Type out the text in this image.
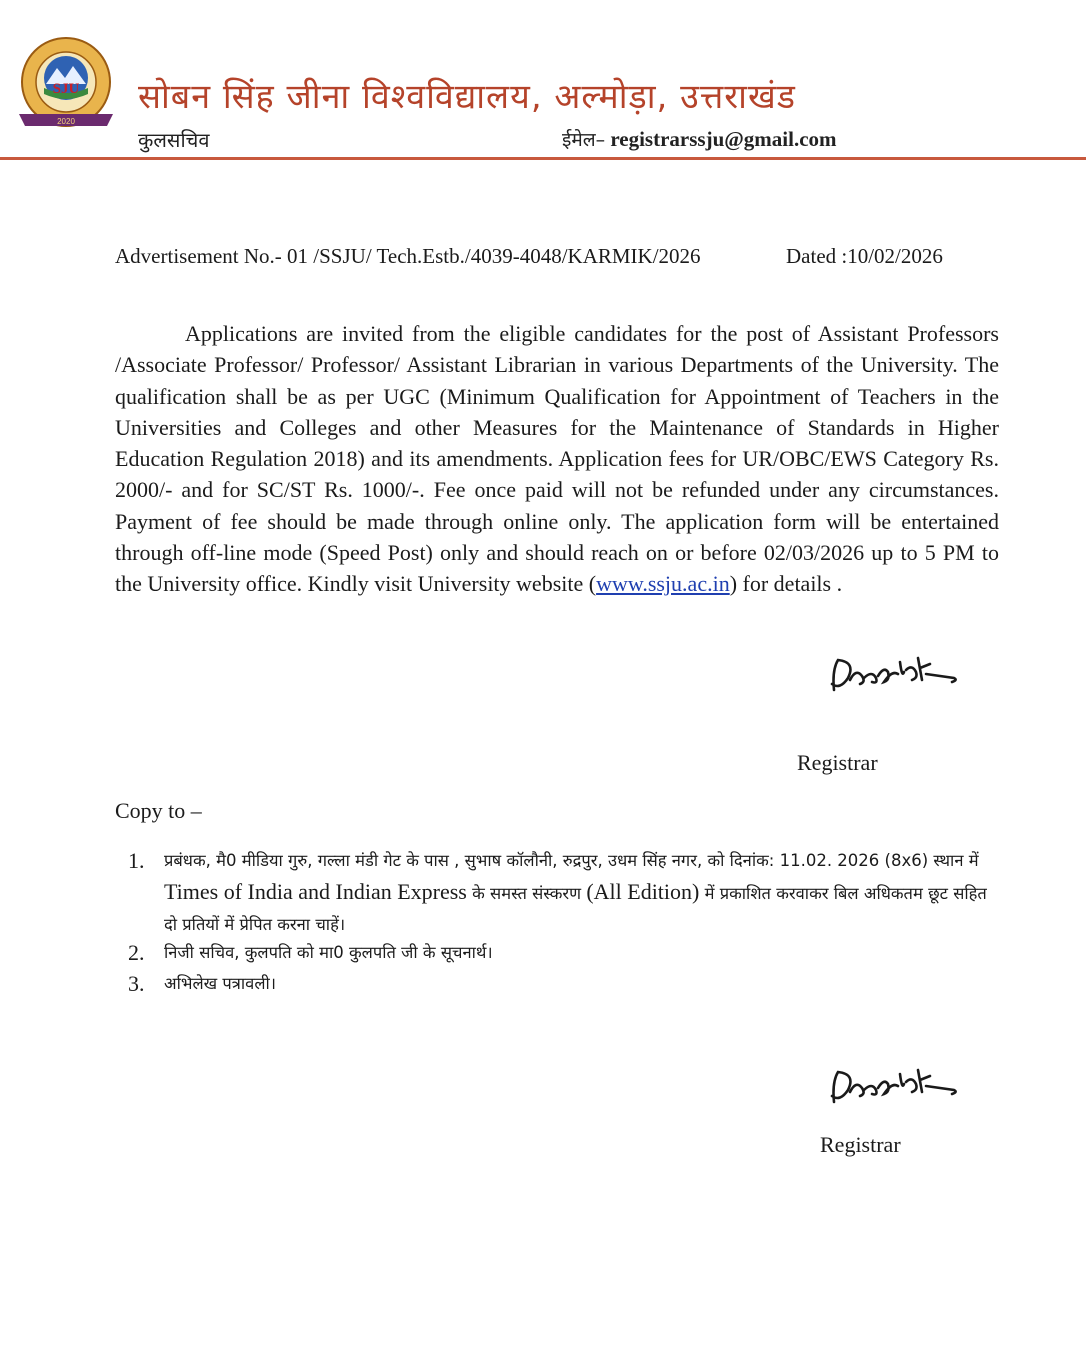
SJU
2020
सोबन सिंह जीना विश्वविद्यालय, अल्मोड़ा, उत्तराखंड
कुलसचिव	ईमेल– registrarssju@gmail.com
Advertisement No.- 01 /SSJU/ Tech.Estb./4039-4048/KARMIK/2026	Dated :10/02/2026

Applications are invited from the eligible candidates for the post of Assistant Professors /Associate Professor/ Professor/ Assistant Librarian in various Departments of the University. The qualification shall be as per UGC (Minimum Qualification for Appointment of Teachers in the Universities and Colleges and other Measures for the Maintenance of Standards in Higher Education Regulation 2018) and its amendments. Application fees for UR/OBC/EWS Category Rs. 2000/- and for SC/ST Rs. 1000/-. Fee once paid will not be refunded under any circumstances. Payment of fee should be made through online only. The application form will be entertained through off-line mode (Speed Post) only and should reach on or before 02/03/2026 up to 5 PM to the University office. Kindly visit University website (www.ssju.ac.in) for details .

Registrar
Copy to –
1. प्रबंधक, मै0 मीडिया गुरु, गल्ला मंडी गेट के पास , सुभाष कॉलौनी, रुद्रपुर, उधम सिंह नगर, को दिनांक: 11.02. 2026 (8x6) स्थान में Times of India and Indian Express के समस्त संस्करण (All Edition) में प्रकाशित करवाकर बिल अधिकतम छूट सहित दो प्रतियों में प्रेपित करना चाहें।
2. निजी सचिव, कुलपति को मा0 कुलपति जी के सूचनार्थ।
3. अभिलेख पत्रावली।
Registrar
